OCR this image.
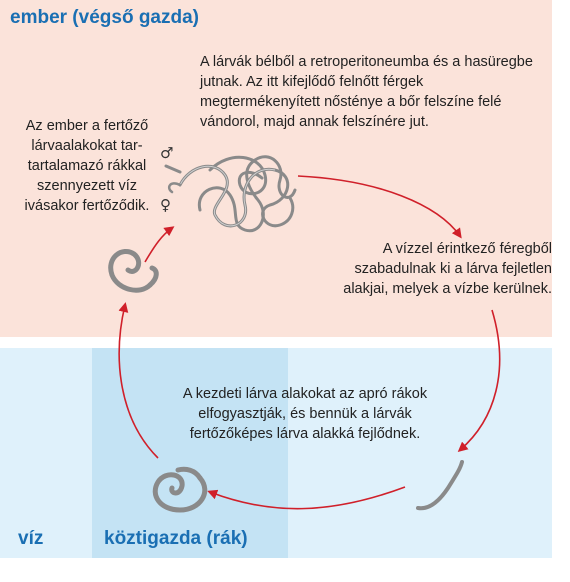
♂
♀
ember (végső gazda)
víz	köztigazda (rák)

Az ember a fertőző lárvaalakokat tar-tartalamazó rákkal szennyezett víz ivásakor fertőződik.

A lárvák bélből a retroperitoneumba és a hasüregbe jutnak. Az itt kifejlődő felnőtt férgek megtermékenyített nősténye a bőr felszíne felé vándorol, majd annak felszínére jut.

A vízzel érintkező féregből szabadulnak ki a lárva fejletlen alakjai, melyek a vízbe kerülnek.

A kezdeti lárva alakokat az apró rákok elfogyasztják, és bennük a lárvák fertőzőképes lárva alakká fejlődnek.
